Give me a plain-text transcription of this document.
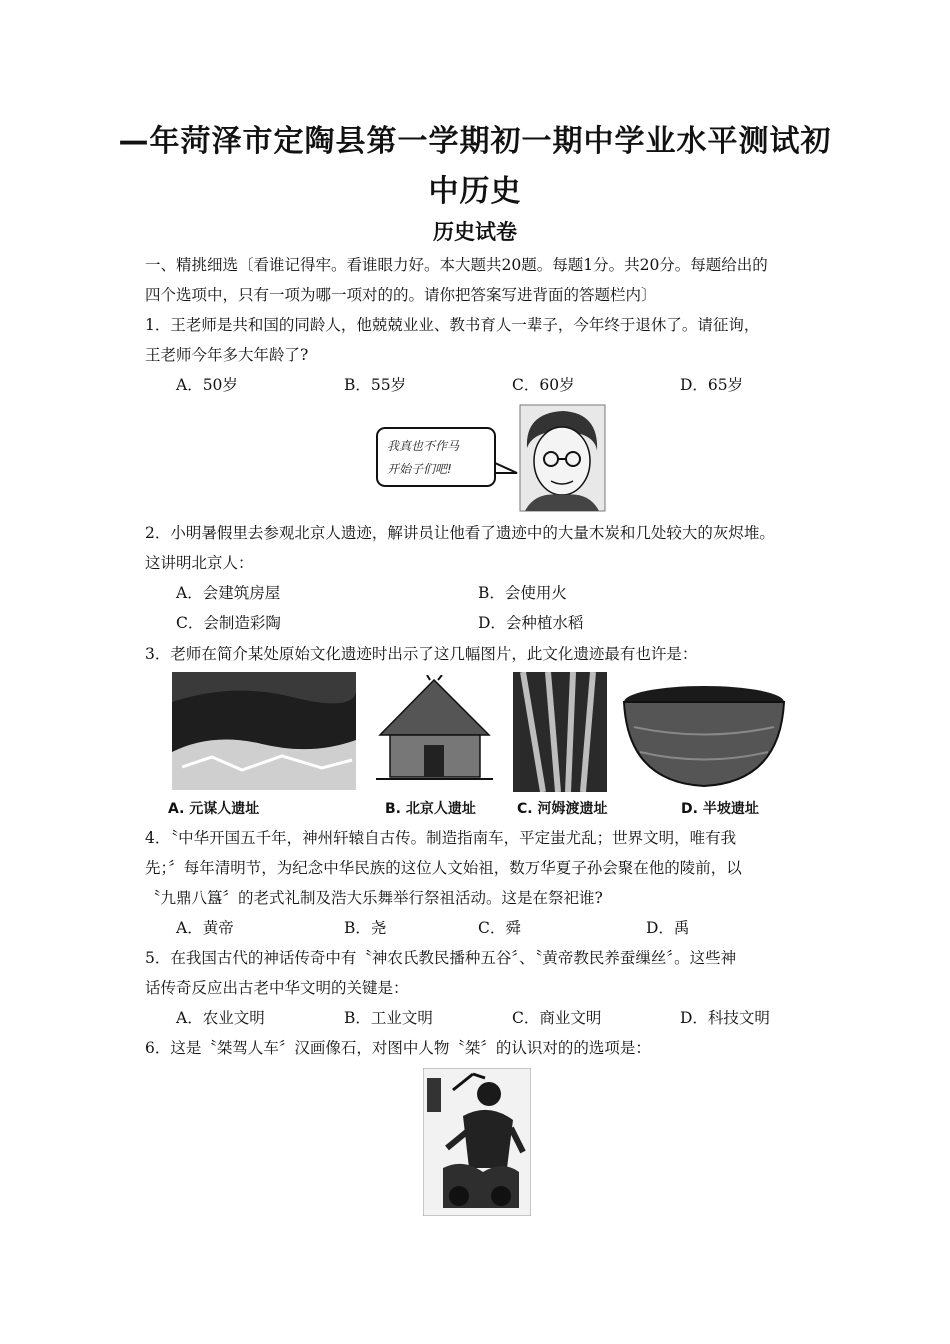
—年菏泽市定陶县第一学期初一期中学业水平测试初
中历史
历史试卷
一、精挑细选〔看谁记得牢。看谁眼力好。本大题共20题。每题1分。共20分。每题给出的
四个选项中，只有一项为哪一项对的的。请你把答案写进背面的答题栏内〕
1．王老师是共和国的同龄人，他兢兢业业、教书育人一辈子，今年终于退休了。请征询，
王老师今年多大年龄了?
A．50岁	B．55岁	C．60岁	D．65岁
我真也不作马
开始子们吧!
2．小明暑假里去参观北京人遗迹，解讲员让他看了遗迹中的大量木炭和几处较大的灰烬堆。
这讲明北京人：
A．会建筑房屋	B．会使用火
C．会制造彩陶	D．会种植水稻
3．老师在简介某处原始文化遗迹时出示了这几幅图片，此文化遗迹最有也许是：
A. 元谋人遗址	B. 北京人遗址	C. 河姆渡遗址	D. 半坡遗址
4．〝中华开国五千年，神州轩辕自古传。制造指南车，平定蚩尤乱；世界文明，唯有我
先；〞每年清明节，为纪念中华民族的这位人文始祖，数万华夏子孙会聚在他的陵前，以
〝九鼎八簋〞的老式礼制及浩大乐舞举行祭祖活动。这是在祭祀谁?
A．黄帝	B．尧	C．舜	D．禹
5．在我国古代的神话传奇中有〝神农氏教民播种五谷〞、〝黄帝教民养蚕缫丝〞。这些神
话传奇反应出古老中华文明的关键是：
A．农业文明	B．工业文明	C．商业文明	D．科技文明
6．这是〝桀驾人车〞汉画像石，对图中人物〝桀〞的认识对的的选项是：
